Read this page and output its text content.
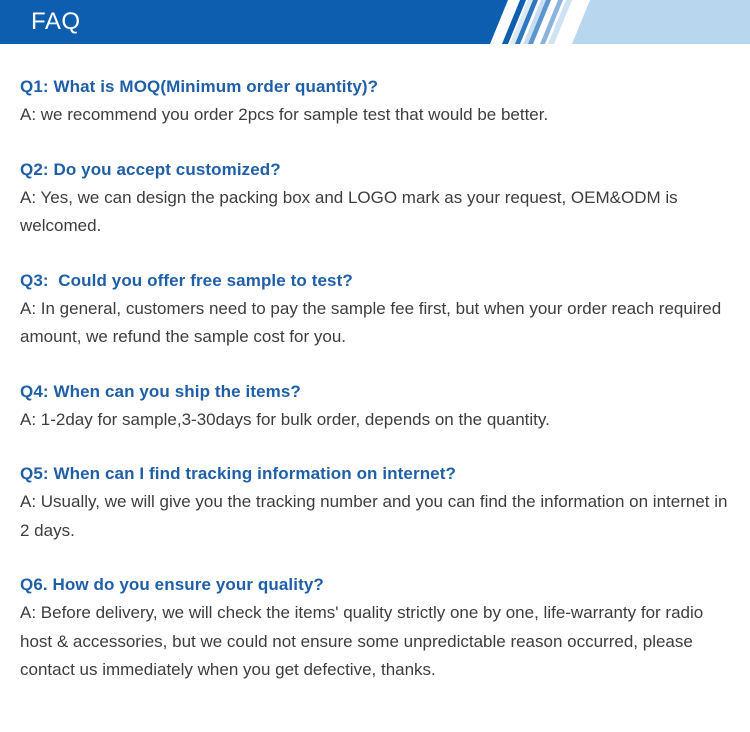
FAQ
Q1: What is MOQ(Minimum order quantity)?
A: we recommend you order 2pcs for sample test that would be better.
Q2: Do you accept customized?
A: Yes, we can design the packing box and LOGO mark as your request, OEM&ODM is welcomed.
Q3:  Could you offer free sample to test?
A: In general, customers need to pay the sample fee first, but when your order reach required amount, we refund the sample cost for you.
Q4: When can you ship the items?
A: 1-2day for sample,3-30days for bulk order, depends on the quantity.
Q5: When can I find tracking information on internet?
A: Usually, we will give you the tracking number and you can find the information on internet in 2 days.
Q6. How do you ensure your quality?
A: Before delivery, we will check the items' quality strictly one by one, life-warranty for radio host & accessories, but we could not ensure some unpredictable reason occurred, please contact us immediately when you get defective, thanks.
